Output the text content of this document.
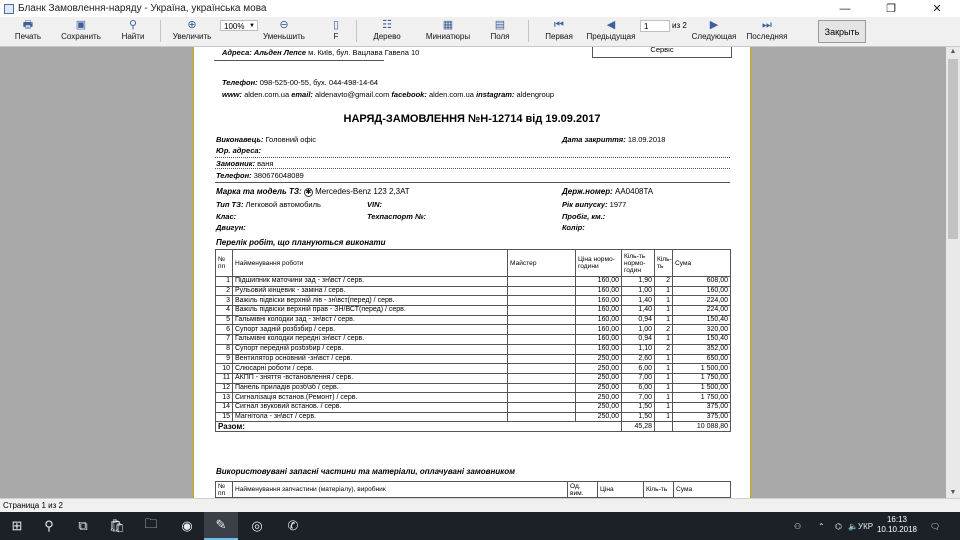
Бланк Замовлення-наряду - Україна, українська мова	—	❐	✕
🖶
Печать
▣
Сохранить
⚲
Найти
⊕
Увеличить
⊖
Уменьшить
▯
F
☷
Дерево
▦
Миниатюры
▤
Поля
⏮
Первая
◀
Предыдущая
▶
Следующая
⏭
Последняя
100% ▼	1	из 2
Закрыть
Сервіс
Адреса: Альден Лепсе м. Київ, бул. Вацлава Гавела 10
Телефон: 098-525-00-55, бух. 044-498-14-64
www: alden.com.ua email: aldenavto@gmail.com facebook: alden.com.ua instagram: aldengroup
НАРЯД-ЗАМОВЛЕННЯ №Н-12714 від 19.09.2017
Виконавець: Головний офіс	Дата закриття: 18.09.2018
Юр. адреса:
Замовник: ваня
Телефон: 380676048089
Марка та модель ТЗ: ✱ Mercedes-Benz 123 2,3AT	Держ.номер: AA0408TA
Тип ТЗ: Легковой автомобиль	VIN:	Рік випуску: 1977
Клас:	Техпаспорт №:	Пробіг, км.:
Двигун:	Колір:
Перелік робіт, що плануються виконати
№ пп	Найменування роботи	Майстер	Ціна нормо-години	Кіль-ть нормо-годин	Кіль-ть	Сума
1	Підшипник маточини зад - зн\вст / серв.		160,00	1,90	2	608,00
2	Рульовий кінцевик - заміна / серв.		160,00	1,00	1	160,00
3	Важіль підвіски верхній лів - зн\вст(перед) / серв.		160,00	1,40	1	224,00
4	Важіль підвіски верхній прав - ЗН/ВСТ(перед) / серв.		160,00	1,40	1	224,00
5	Гальмівні колодки зад - зн\вст / серв.		160,00	0,94	1	150,40
6	Супорт задній розбзбир / серв.		160,00	1,00	2	320,00
7	Гальмівні колодки передні зн\вст / серв.		160,00	0,94	1	150,40
8	Супорт передній розбзбир / серв.		160,00	1,10	2	352,00
9	Вентилятор основний -зн\вст / серв.		250,00	2,60	1	650,00
10	Слюсарні роботи / серв.		250,00	6,00	1	1 500,00
11	АКПП - зняття -встановлення / серв.		250,00	7,00	1	1 750,00
12	Панель приладів розб\зб / серв.		250,00	6,00	1	1 500,00
13	Сигналізація встанов.(Ремонт) / серв.		250,00	7,00	1	1 750,00
14	Сигнал звуковий встанов. / серв.		250,00	1,50	1	375,00
15	Магнітола - зн\вст / серв.		250,00	1,50	1	375,00
Разом:				45,28		10 088,80
Використовувані запасні частини та матеріали, оплачувані замовником
№ пп	Найменування запчастини (матеріалу), виробник	Од. вим.	Ціна	Кіль-ть	Сума
▲
▼
Страница 1 из 2
⊞	⚲	⧉	🛍	🗀	◉	✎	◎	✆	⚇ ⌃ ⌬ 🔈 УКР
16:13
10.10.2018	🗨
